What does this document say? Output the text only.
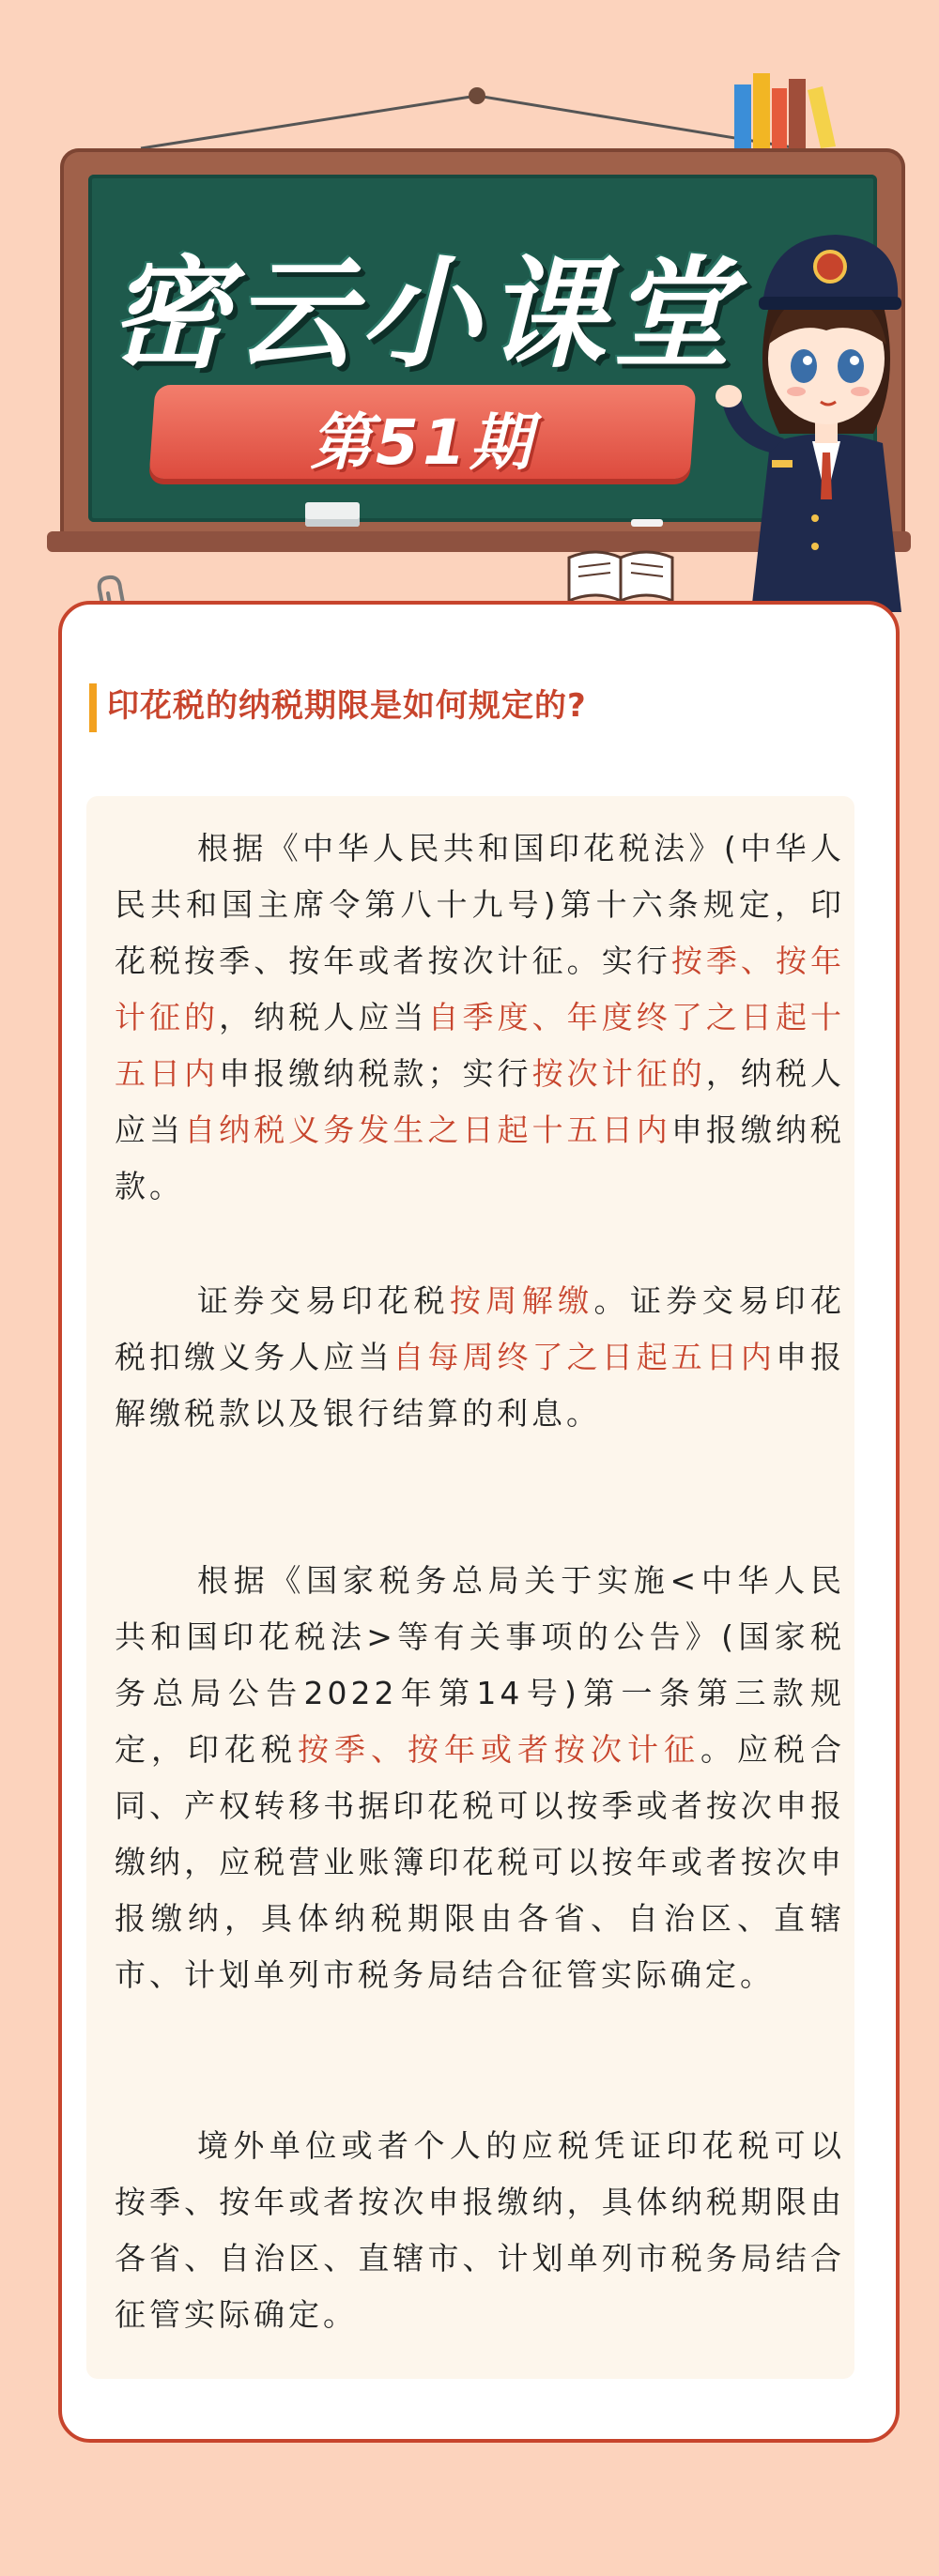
密云小课堂
第51期
印花税的纳税期限是如何规定的?

根据《中华人民共和国印花税法》(中华人民共和国主席令第八十九号)第十六条规定，印花税按季、按年或者按次计征。实行按季、按年计征的，纳税人应当自季度、年度终了之日起十五日内申报缴纳税款；实行按次计征的，纳税人应当自纳税义务发生之日起十五日内申报缴纳税款。

证券交易印花税按周解缴。证券交易印花税扣缴义务人应当自每周终了之日起五日内申报解缴税款以及银行结算的利息。

根据《国家税务总局关于实施<中华人民共和国印花税法>等有关事项的公告》(国家税务总局公告2022年第14号)第一条第三款规定，印花税按季、按年或者按次计征。应税合同、产权转移书据印花税可以按季或者按次申报缴纳，应税营业账簿印花税可以按年或者按次申报缴纳，具体纳税期限由各省、自治区、直辖市、计划单列市税务局结合征管实际确定。

境外单位或者个人的应税凭证印花税可以按季、按年或者按次申报缴纳，具体纳税期限由各省、自治区、直辖市、计划单列市税务局结合征管实际确定。
